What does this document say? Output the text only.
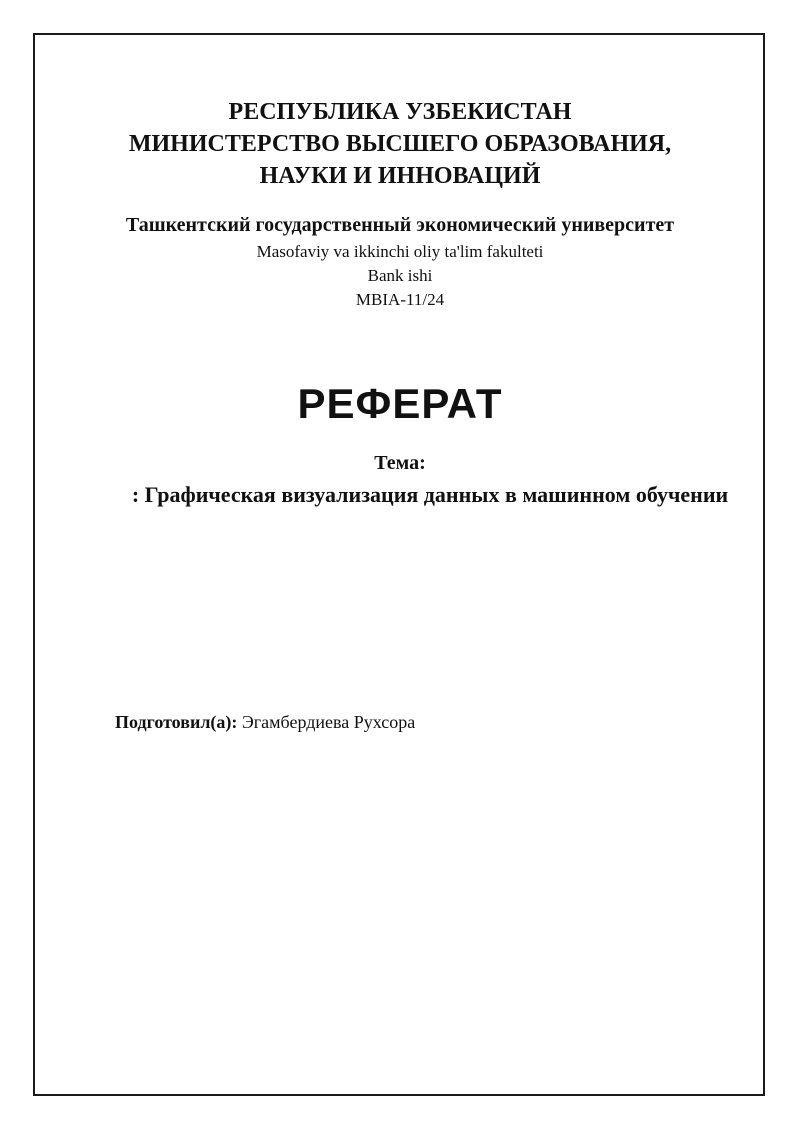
РЕСПУБЛИКА УЗБЕКИСТАН
МИНИСТЕРСТВО ВЫСШЕГО ОБРАЗОВАНИЯ,
НАУКИ И ИННОВАЦИЙ
Ташкентский государственный экономический университет
Masofaviy va ikkinchi oliy ta'lim fakulteti
Bank ishi
MBIA-11/24
РЕФЕРАТ
Тема:
: Графическая визуализация данных в машинном обучении
Подготовил(а): Эгамбердиева Рухсора
